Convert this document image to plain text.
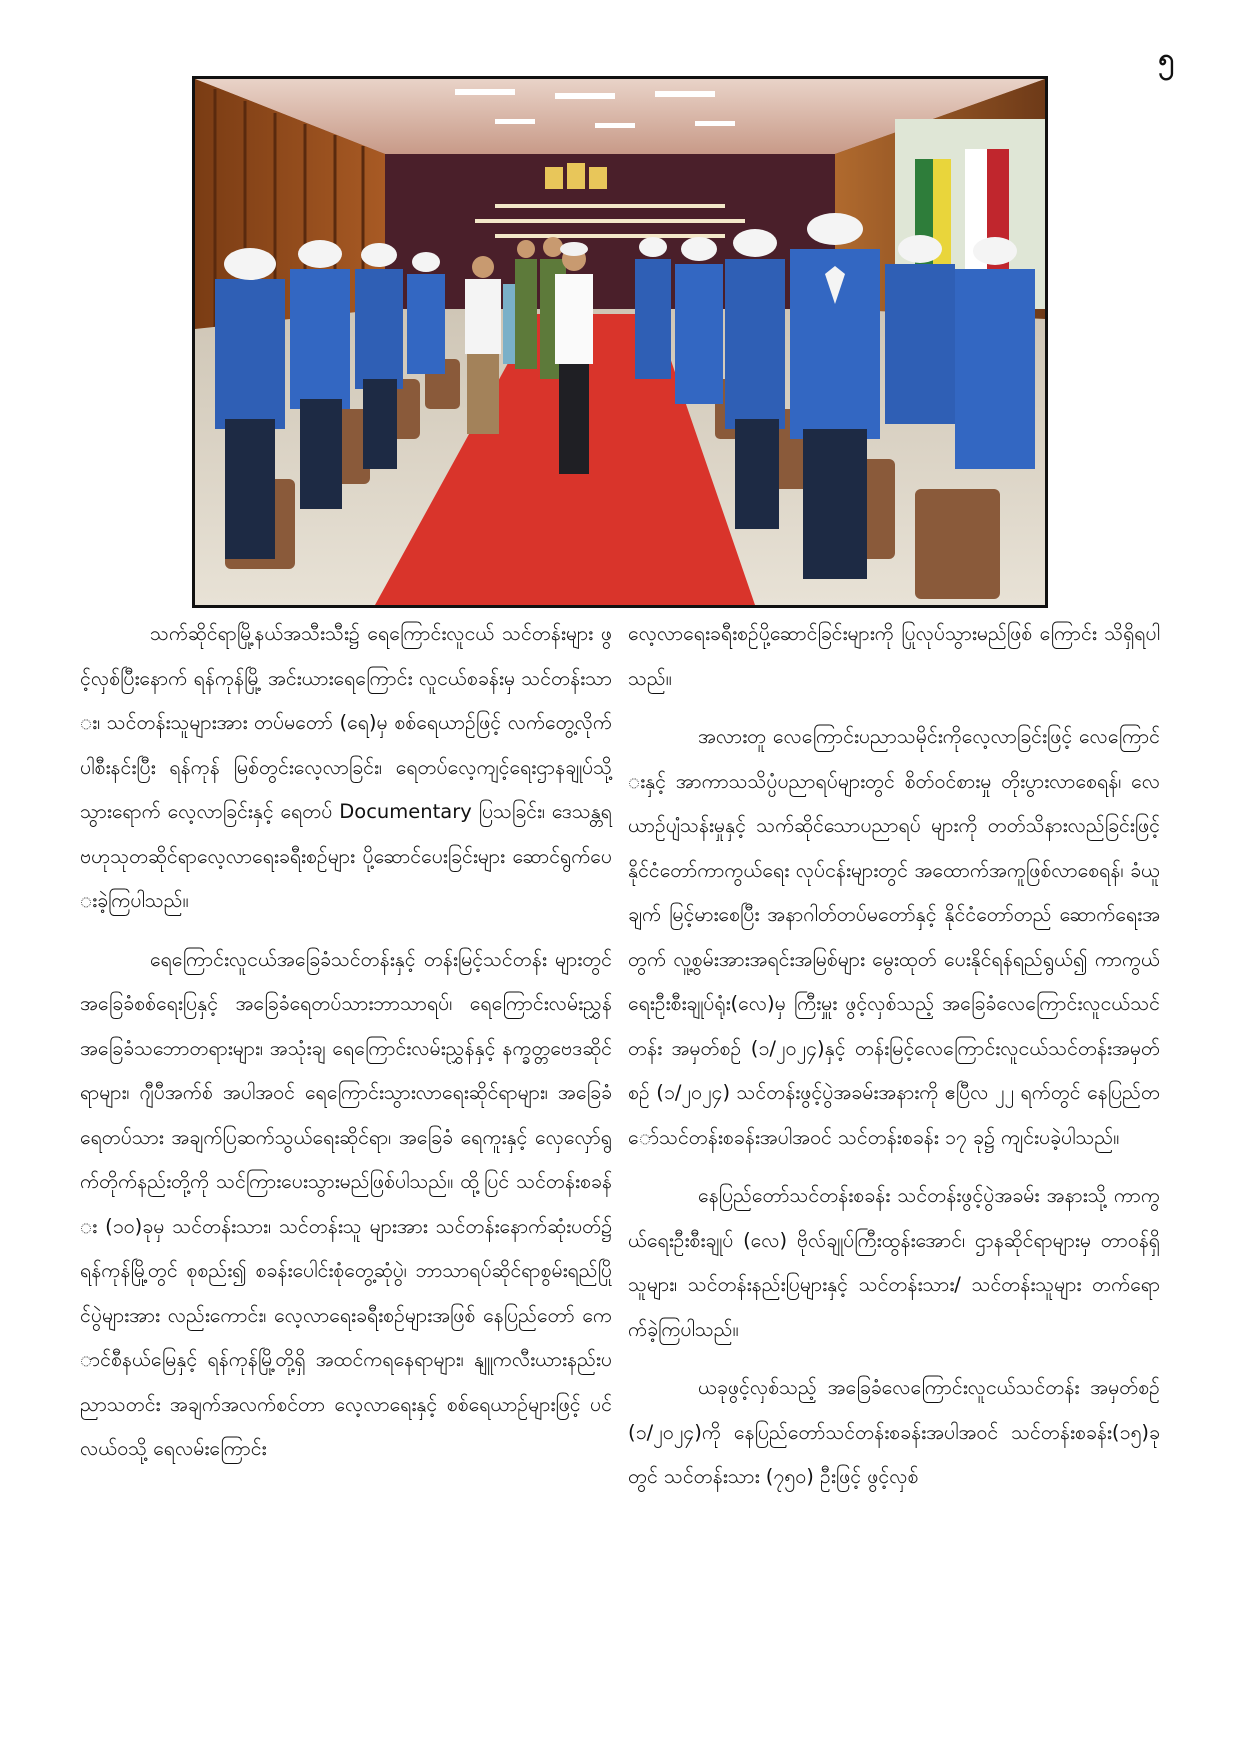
၅

သက်ဆိုင်ရာမြို့နယ်အသီးသီး၌ ရေကြောင်းလူငယ် သင်တန်းများ ဖွင့်လှစ်ပြီးနောက် ရန်ကုန်မြို့ အင်းယားရေကြောင်း လူငယ်စခန်းမှ သင်တန်းသား၊ သင်တန်းသူများအား တပ်မတော် (ရေ)မှ စစ်ရေယာဉ်ဖြင့် လက်တွေ့လိုက်ပါစီးနင်းပြီး ရန်ကုန် မြစ်တွင်းလေ့လာခြင်း၊ ရေတပ်လေ့ကျင့်ရေးဌာနချုပ်သို့ သွားရောက် လေ့လာခြင်းနှင့် ရေတပ် Documentary ပြသခြင်း၊ ဒေသန္တရ ဗဟုသုတဆိုင်ရာလေ့လာရေးခရီးစဉ်များ ပို့ဆောင်ပေးခြင်းများ ဆောင်ရွက်ပေးခဲ့ကြပါသည်။

ရေကြောင်းလူငယ်အခြေခံသင်တန်းနှင့် တန်းမြင့်သင်တန်း များတွင် အခြေခံစစ်ရေးပြနှင့် အခြေခံရေတပ်သားဘာသာရပ်၊ ရေကြောင်းလမ်းညွှန် အခြေခံသဘောတရားများ၊ အသုံးချ ရေကြောင်းလမ်းညွှန်နှင့် နက္ခတ္တဗေဒဆိုင်ရာများ၊ ဂျီပီအက်စ် အပါအဝင် ရေကြောင်းသွားလာရေးဆိုင်ရာများ၊ အခြေခံ ရေတပ်သား အချက်ပြဆက်သွယ်ရေးဆိုင်ရာ၊ အခြေခံ ရေကူးနှင့် လှေလှော်ရွက်တိုက်နည်းတို့ကို သင်ကြားပေးသွားမည်ဖြစ်ပါသည်။ ထို့ပြင် သင်တန်းစခန်း (၁၀)ခုမှ သင်တန်းသား၊ သင်တန်းသူ များအား သင်တန်းနောက်ဆုံးပတ်၌ ရန်ကုန်မြို့တွင် စုစည်း၍ စခန်းပေါင်းစုံတွေ့ဆုံပွဲ၊ ဘာသာရပ်ဆိုင်ရာစွမ်းရည်ပြိုင်ပွဲများအား လည်းကောင်း၊ လေ့လာရေးခရီးစဉ်များအဖြစ် နေပြည်တော် ကောင်စီနယ်မြေနှင့် ရန်ကုန်မြို့တို့ရှိ အထင်ကရနေရာများ၊ နျူကလီးယားနည်းပညာသတင်း အချက်အလက်စင်တာ လေ့လာရေးနှင့် စစ်ရေယာဉ်များဖြင့် ပင်လယ်ဝသို့ ရေလမ်းကြောင်း

လေ့လာရေးခရီးစဉ်ပို့ဆောင်ခြင်းများကို ပြုလုပ်သွားမည်ဖြစ် ကြောင်း သိရှိရပါသည်။

အလားတူ လေကြောင်းပညာသမိုင်းကိုလေ့လာခြင်းဖြင့် လေကြောင်းနှင့် အာကာသသိပ္ပံပညာရပ်များတွင် စိတ်ဝင်စားမှု တိုးပွားလာစေရန်၊ လေယာဉ်ပျံသန်းမှုနှင့် သက်ဆိုင်သောပညာရပ် များကို တတ်သိနားလည်ခြင်းဖြင့် နိုင်ငံတော်ကာကွယ်ရေး လုပ်ငန်းများတွင် အထောက်အကူဖြစ်လာစေရန်၊ ခံယူချက် မြင့်မားစေပြီး အနာဂါတ်တပ်မတော်နှင့် နိုင်ငံတော်တည် ဆောက်ရေးအတွက် လူ့စွမ်းအားအရင်းအမြစ်များ မွေးထုတ် ပေးနိုင်ရန်ရည်ရွယ်၍ ကာကွယ်ရေးဦးစီးချုပ်ရုံး(လေ)မှ ကြီးမှူး ဖွင့်လှစ်သည့် အခြေခံလေကြောင်းလူငယ်သင်တန်း အမှတ်စဉ် (၁/၂၀၂၄)နှင့် တန်းမြင့်လေကြောင်းလူငယ်သင်တန်းအမှတ်စဉ် (၁/၂၀၂၄) သင်တန်းဖွင့်ပွဲအခမ်းအနားကို ဧပြီလ ၂၂ ရက်တွင် နေပြည်တော်သင်တန်းစခန်းအပါအဝင် သင်တန်းစခန်း ၁၇ ခု၌ ကျင်းပခဲ့ပါသည်။

နေပြည်တော်သင်တန်းစခန်း သင်တန်းဖွင့်ပွဲအခမ်း အနားသို့ ကာကွယ်ရေးဦးစီးချုပ် (လေ) ဗိုလ်ချုပ်ကြီးထွန်းအောင်၊ ဌာနဆိုင်ရာများမှ တာဝန်ရှိသူများ၊ သင်တန်းနည်းပြများနှင့် သင်တန်းသား/ သင်တန်းသူများ တက်ရောက်ခဲ့ကြပါသည်။

ယခုဖွင့်လှစ်သည့် အခြေခံလေကြောင်းလူငယ်သင်တန်း အမှတ်စဉ် (၁/၂၀၂၄)ကို နေပြည်တော်သင်တန်းစခန်းအပါအဝင် သင်တန်းစခန်း(၁၅)ခုတွင် သင်တန်းသား (၇၅၀) ဦးဖြင့် ဖွင့်လှစ်
